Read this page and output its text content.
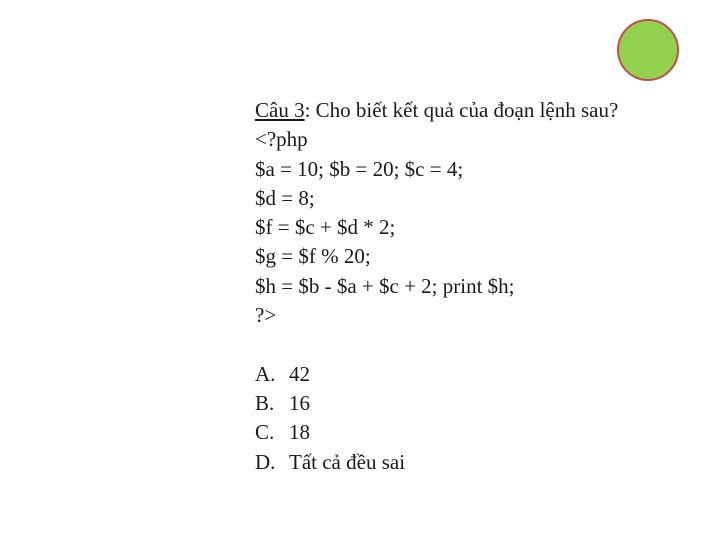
Câu 3: Cho biết kết quả của đoạn lệnh sau?
<?php
$a = 10; $b = 20; $c = 4;
$d = 8;
$f = $c + $d * 2;
$g = $f % 20;
$h = $b - $a + $c + 2; print $h;
?>
A. 42
B. 16
C. 18
D. Tất cả đều sai
